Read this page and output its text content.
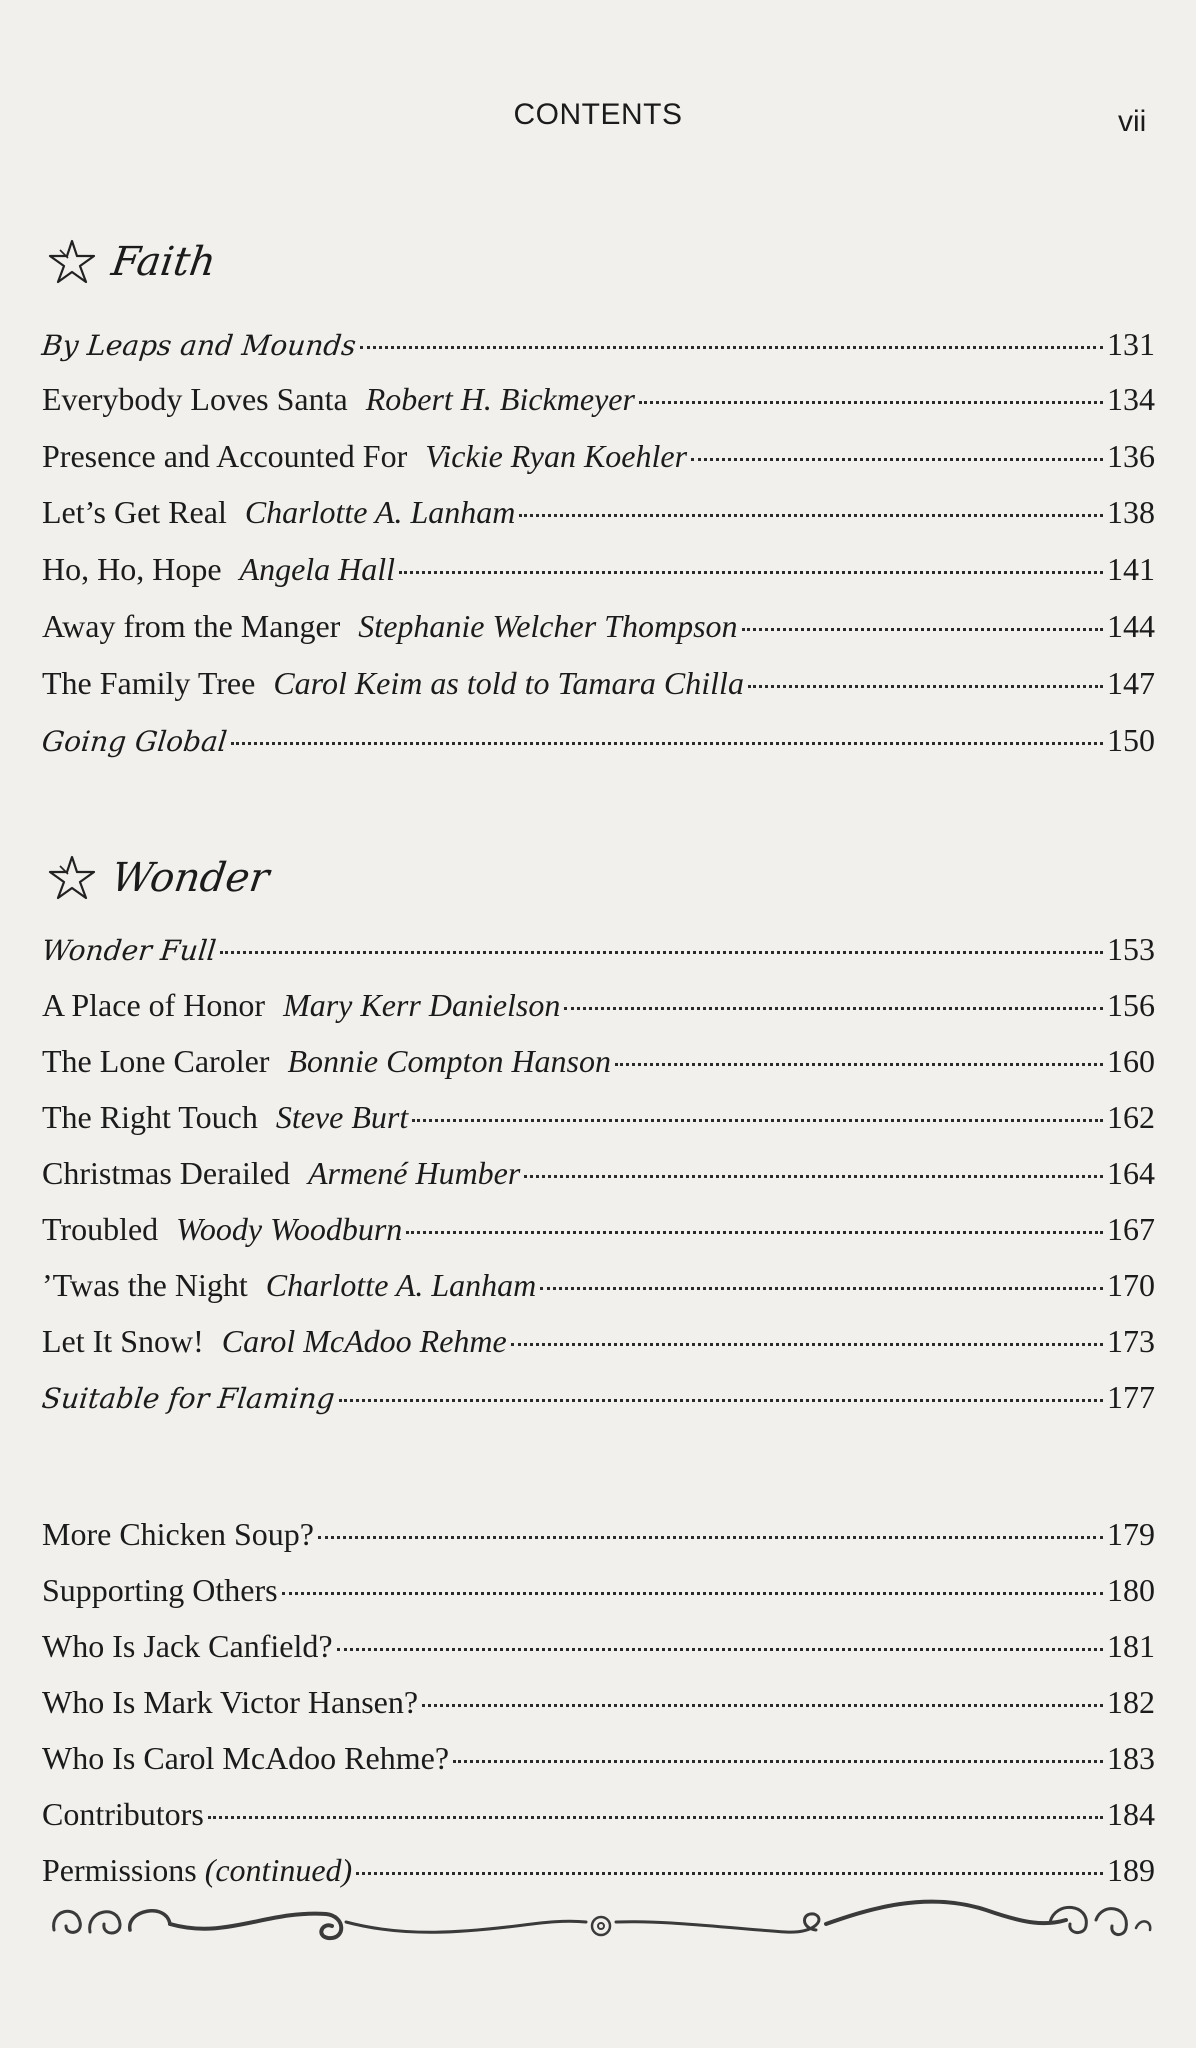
CONTENTS	vii
Faith
By Leaps and Mounds	131
Everybody Loves Santa Robert H. Bickmeyer	134
Presence and Accounted For Vickie Ryan Koehler	136
Let’s Get Real Charlotte A. Lanham	138
Ho, Ho, Hope Angela Hall	141
Away from the Manger Stephanie Welcher Thompson	144
The Family Tree Carol Keim as told to Tamara Chilla	147
Going Global	150
Wonder
Wonder Full	153
A Place of Honor Mary Kerr Danielson	156
The Lone Caroler Bonnie Compton Hanson	160
The Right Touch Steve Burt	162
Christmas Derailed Armené Humber	164
Troubled Woody Woodburn	167
’Twas the Night Charlotte A. Lanham	170
Let It Snow! Carol McAdoo Rehme	173
Suitable for Flaming	177
More Chicken Soup?	179
Supporting Others	180
Who Is Jack Canfield?	181
Who Is Mark Victor Hansen?	182
Who Is Carol McAdoo Rehme?	183
Contributors	184
Permissions (continued)	189
